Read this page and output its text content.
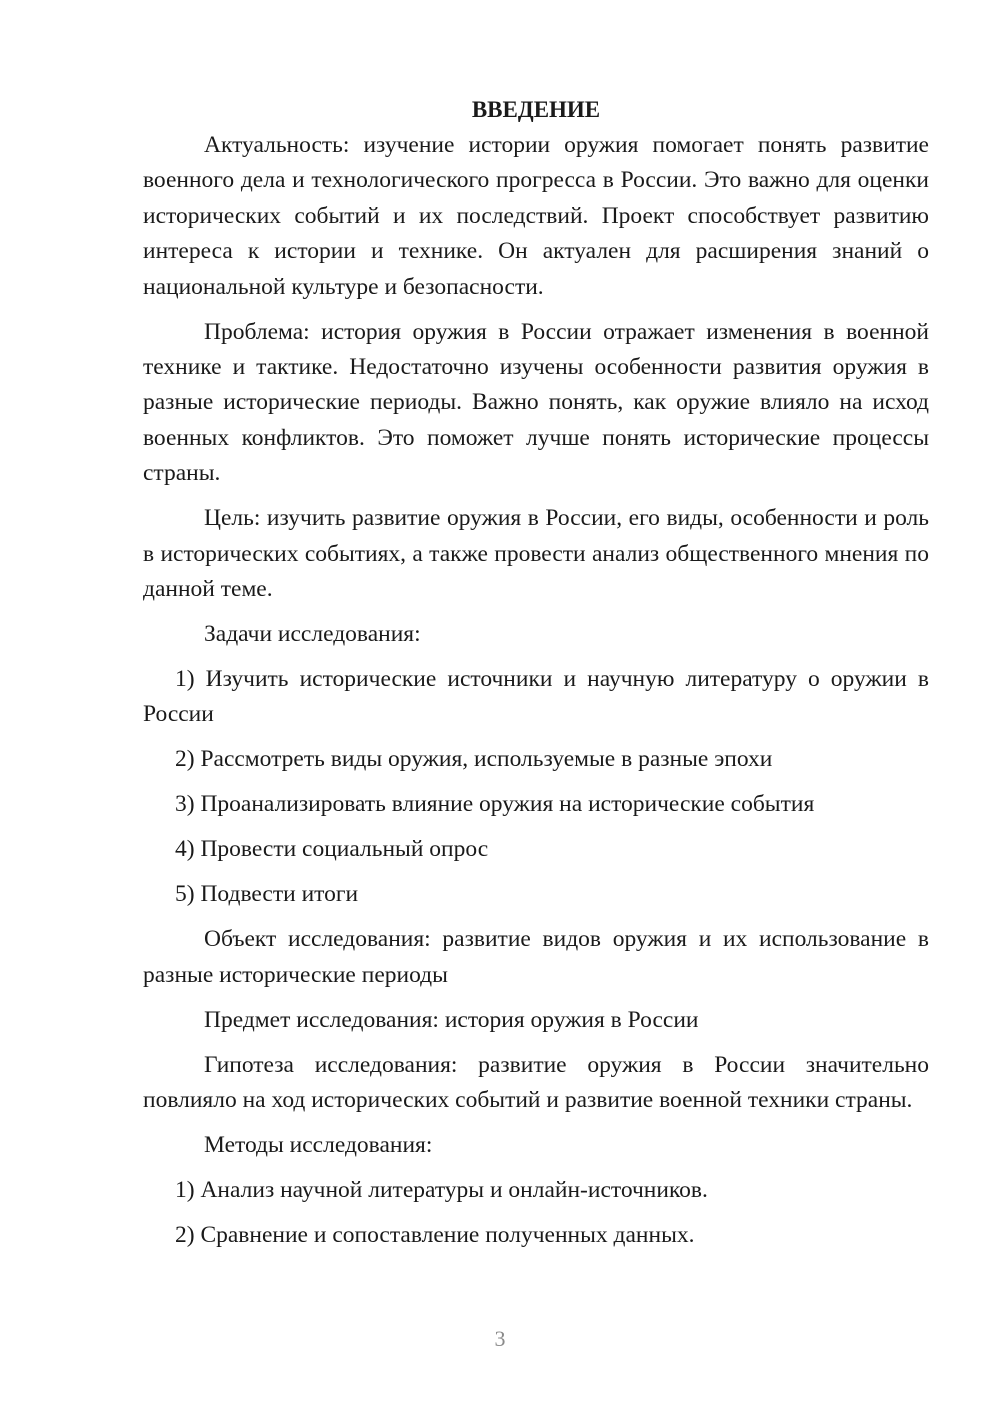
ВВЕДЕНИЕ

Актуальность: изучение истории оружия помогает понять развитие военного дела и технологического прогресса в России. Это важно для оценки исторических событий и их последствий. Проект способствует развитию интереса к истории и технике. Он актуален для расширения знаний о национальной культуре и безопасности.

Проблема: история оружия в России отражает изменения в военной технике и тактике. Недостаточно изучены особенности развития оружия в разные исторические периоды. Важно понять, как оружие влияло на исход военных конфликтов. Это поможет лучше понять исторические процессы страны.

Цель: изучить развитие оружия в России, его виды, особенности и роль в исторических событиях, а также провести анализ общественного мнения по данной теме.

Задачи исследования:

1) Изучить исторические источники и научную литературу о оружии в России

2) Рассмотреть виды оружия, используемые в разные эпохи

3) Проанализировать влияние оружия на исторические события

4) Провести социальный опрос

5) Подвести итоги

Объект исследования: развитие видов оружия и их использование в разные исторические периоды

Предмет исследования: история оружия в России

Гипотеза исследования: развитие оружия в России значительно повлияло на ход исторических событий и развитие военной техники страны.

Методы исследования:

1) Анализ научной литературы и онлайн-источников.

2) Сравнение и сопоставление полученных данных.

3
